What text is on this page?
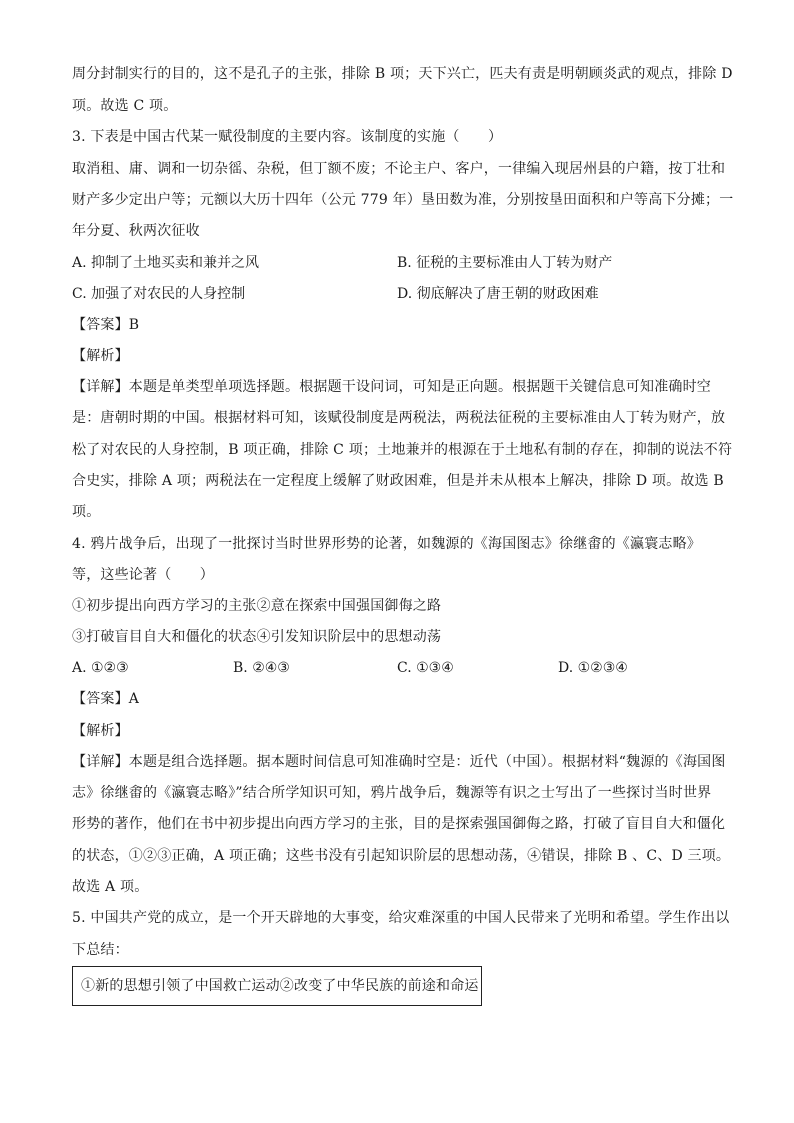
周分封制实行的目的，这不是孔子的主张，排除 B 项；天下兴亡，匹夫有责是明朝顾炎武的观点，排除 D
项。故选 C 项。
3. 下表是中国古代某一赋役制度的主要内容。该制度的实施（　　）
取消租、庸、调和一切杂徭、杂税，但丁额不废；不论主户、客户，一律编入现居州县的户籍，按丁壮和
财产多少定出户等；元额以大历十四年（公元 779 年）垦田数为准，分别按垦田面积和户等高下分摊；一
年分夏、秋两次征收
A. 抑制了土地买卖和兼并之风	B. 征税的主要标准由人丁转为财产
C. 加强了对农民的人身控制	D. 彻底解决了唐王朝的财政困难
【答案】B
【解析】
【详解】本题是单类型单项选择题。根据题干设问词，可知是正向题。根据题干关键信息可知准确时空
是：唐朝时期的中国。根据材料可知，该赋役制度是两税法，两税法征税的主要标准由人丁转为财产，放
松了对农民的人身控制，B 项正确，排除 C 项；土地兼并的根源在于土地私有制的存在，抑制的说法不符
合史实，排除 A 项；两税法在一定程度上缓解了财政困难，但是并未从根本上解决，排除 D 项。故选 B
项。
4. 鸦片战争后，出现了一批探讨当时世界形势的论著，如魏源的《海国图志》徐继畬的《瀛寰志略》
等，这些论著（　　）
①初步提出向西方学习的主张②意在探索中国强国御侮之路
③打破盲目自大和僵化的状态④引发知识阶层中的思想动荡
A. ①②③	B. ②④③	C. ①③④	D. ①②③④
【答案】A
【解析】
【详解】本题是组合选择题。据本题时间信息可知准确时空是：近代（中国）。根据材料“魏源的《海国图
志》徐继畬的《瀛寰志略》”结合所学知识可知，鸦片战争后，魏源等有识之士写出了一些探讨当时世界
形势的著作，他们在书中初步提出向西方学习的主张，目的是探索强国御侮之路，打破了盲目自大和僵化
的状态，①②③正确，A 项正确；这些书没有引起知识阶层的思想动荡，④错误，排除 B 、C、D 三项。
故选 A 项。
5. 中国共产党的成立，是一个开天辟地的大事变，给灾难深重的中国人民带来了光明和希望。学生作出以
下总结：
①新的思想引领了中国救亡运动②改变了中华民族的前途和命运
